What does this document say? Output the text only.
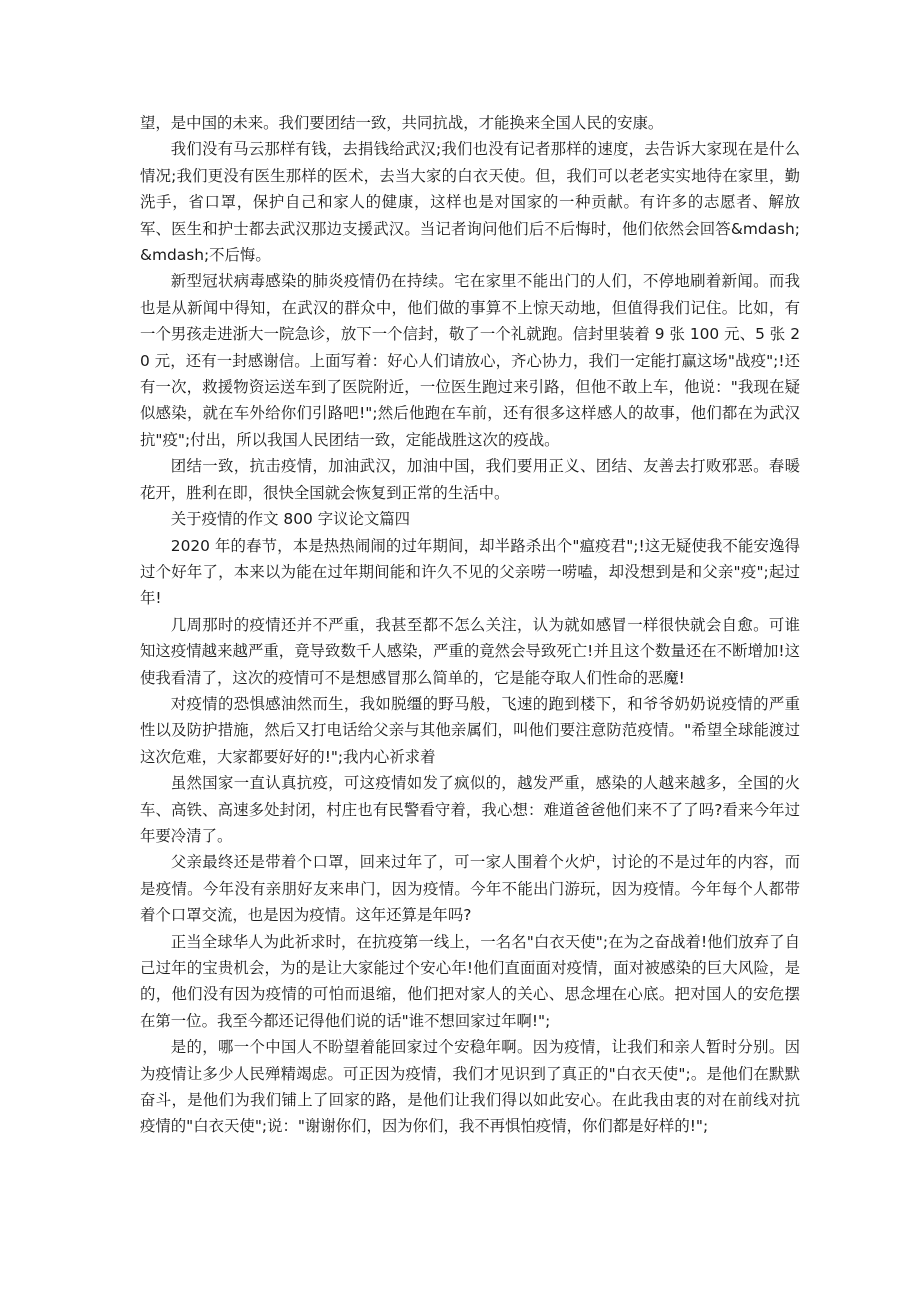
望，是中国的未来。我们要团结一致，共同抗战，才能换来全国人民的安康。

我们没有马云那样有钱，去捐钱给武汉;我们也没有记者那样的速度，去告诉大家现在是什么情况;我们更没有医生那样的医术，去当大家的白衣天使。但，我们可以老老实实地待在家里，勤洗手，省口罩，保护自己和家人的健康，这样也是对国家的一种贡献。有许多的志愿者、解放军、医生和护士都去武汉那边支援武汉。当记者询问他们后不后悔时，他们依然会回答&mdash;&mdash;不后悔。

新型冠状病毒感染的肺炎疫情仍在持续。宅在家里不能出门的人们，不停地刷着新闻。而我也是从新闻中得知，在武汉的群众中，他们做的事算不上惊天动地，但值得我们记住。比如，有一个男孩走进浙大一院急诊，放下一个信封，敬了一个礼就跑。信封里装着 9 张 100 元、5 张 20 元，还有一封感谢信。上面写着：好心人们请放心，齐心协力，我们一定能打赢这场"战疫";!还有一次，救援物资运送车到了医院附近，一位医生跑过来引路，但他不敢上车，他说："我现在疑似感染，就在车外给你们引路吧!";然后他跑在车前，还有很多这样感人的故事，他们都在为武汉抗"疫";付出，所以我国人民团结一致，定能战胜这次的疫战。

团结一致，抗击疫情，加油武汉，加油中国，我们要用正义、团结、友善去打败邪恶。春暖花开，胜利在即，很快全国就会恢复到正常的生活中。

关于疫情的作文 800 字议论文篇四

2020 年的春节，本是热热闹闹的过年期间，却半路杀出个"瘟疫君";!这无疑使我不能安逸得过个好年了，本来以为能在过年期间能和许久不见的父亲唠一唠嗑，却没想到是和父亲"疫";起过年!

几周那时的疫情还并不严重，我甚至都不怎么关注，认为就如感冒一样很快就会自愈。可谁知这疫情越来越严重，竟导致数千人感染，严重的竟然会导致死亡!并且这个数量还在不断增加!这使我看清了，这次的疫情可不是想感冒那么简单的，它是能夺取人们性命的恶魔!

对疫情的恐惧感油然而生，我如脱缰的野马般，飞速的跑到楼下，和爷爷奶奶说疫情的严重性以及防护措施，然后又打电话给父亲与其他亲属们，叫他们要注意防范疫情。"希望全球能渡过这次危难，大家都要好好的!";我内心祈求着

虽然国家一直认真抗疫，可这疫情如发了疯似的，越发严重，感染的人越来越多，全国的火车、高铁、高速多处封闭，村庄也有民警看守着，我心想：难道爸爸他们来不了了吗?看来今年过年要冷清了。

父亲最终还是带着个口罩，回来过年了，可一家人围着个火炉，讨论的不是过年的内容，而是疫情。今年没有亲朋好友来串门，因为疫情。今年不能出门游玩，因为疫情。今年每个人都带着个口罩交流，也是因为疫情。这年还算是年吗?

正当全球华人为此祈求时，在抗疫第一线上，一名名"白衣天使";在为之奋战着!他们放弃了自己过年的宝贵机会，为的是让大家能过个安心年!他们直面面对疫情，面对被感染的巨大风险，是的，他们没有因为疫情的可怕而退缩，他们把对家人的关心、思念埋在心底。把对国人的安危摆在第一位。我至今都还记得他们说的话"谁不想回家过年啊!";

是的，哪一个中国人不盼望着能回家过个安稳年啊。因为疫情，让我们和亲人暂时分别。因为疫情让多少人民殚精竭虑。可正因为疫情，我们才见识到了真正的"白衣天使";。是他们在默默奋斗，是他们为我们铺上了回家的路，是他们让我们得以如此安心。在此我由衷的对在前线对抗疫情的"白衣天使";说："谢谢你们，因为你们，我不再惧怕疫情，你们都是好样的!";
